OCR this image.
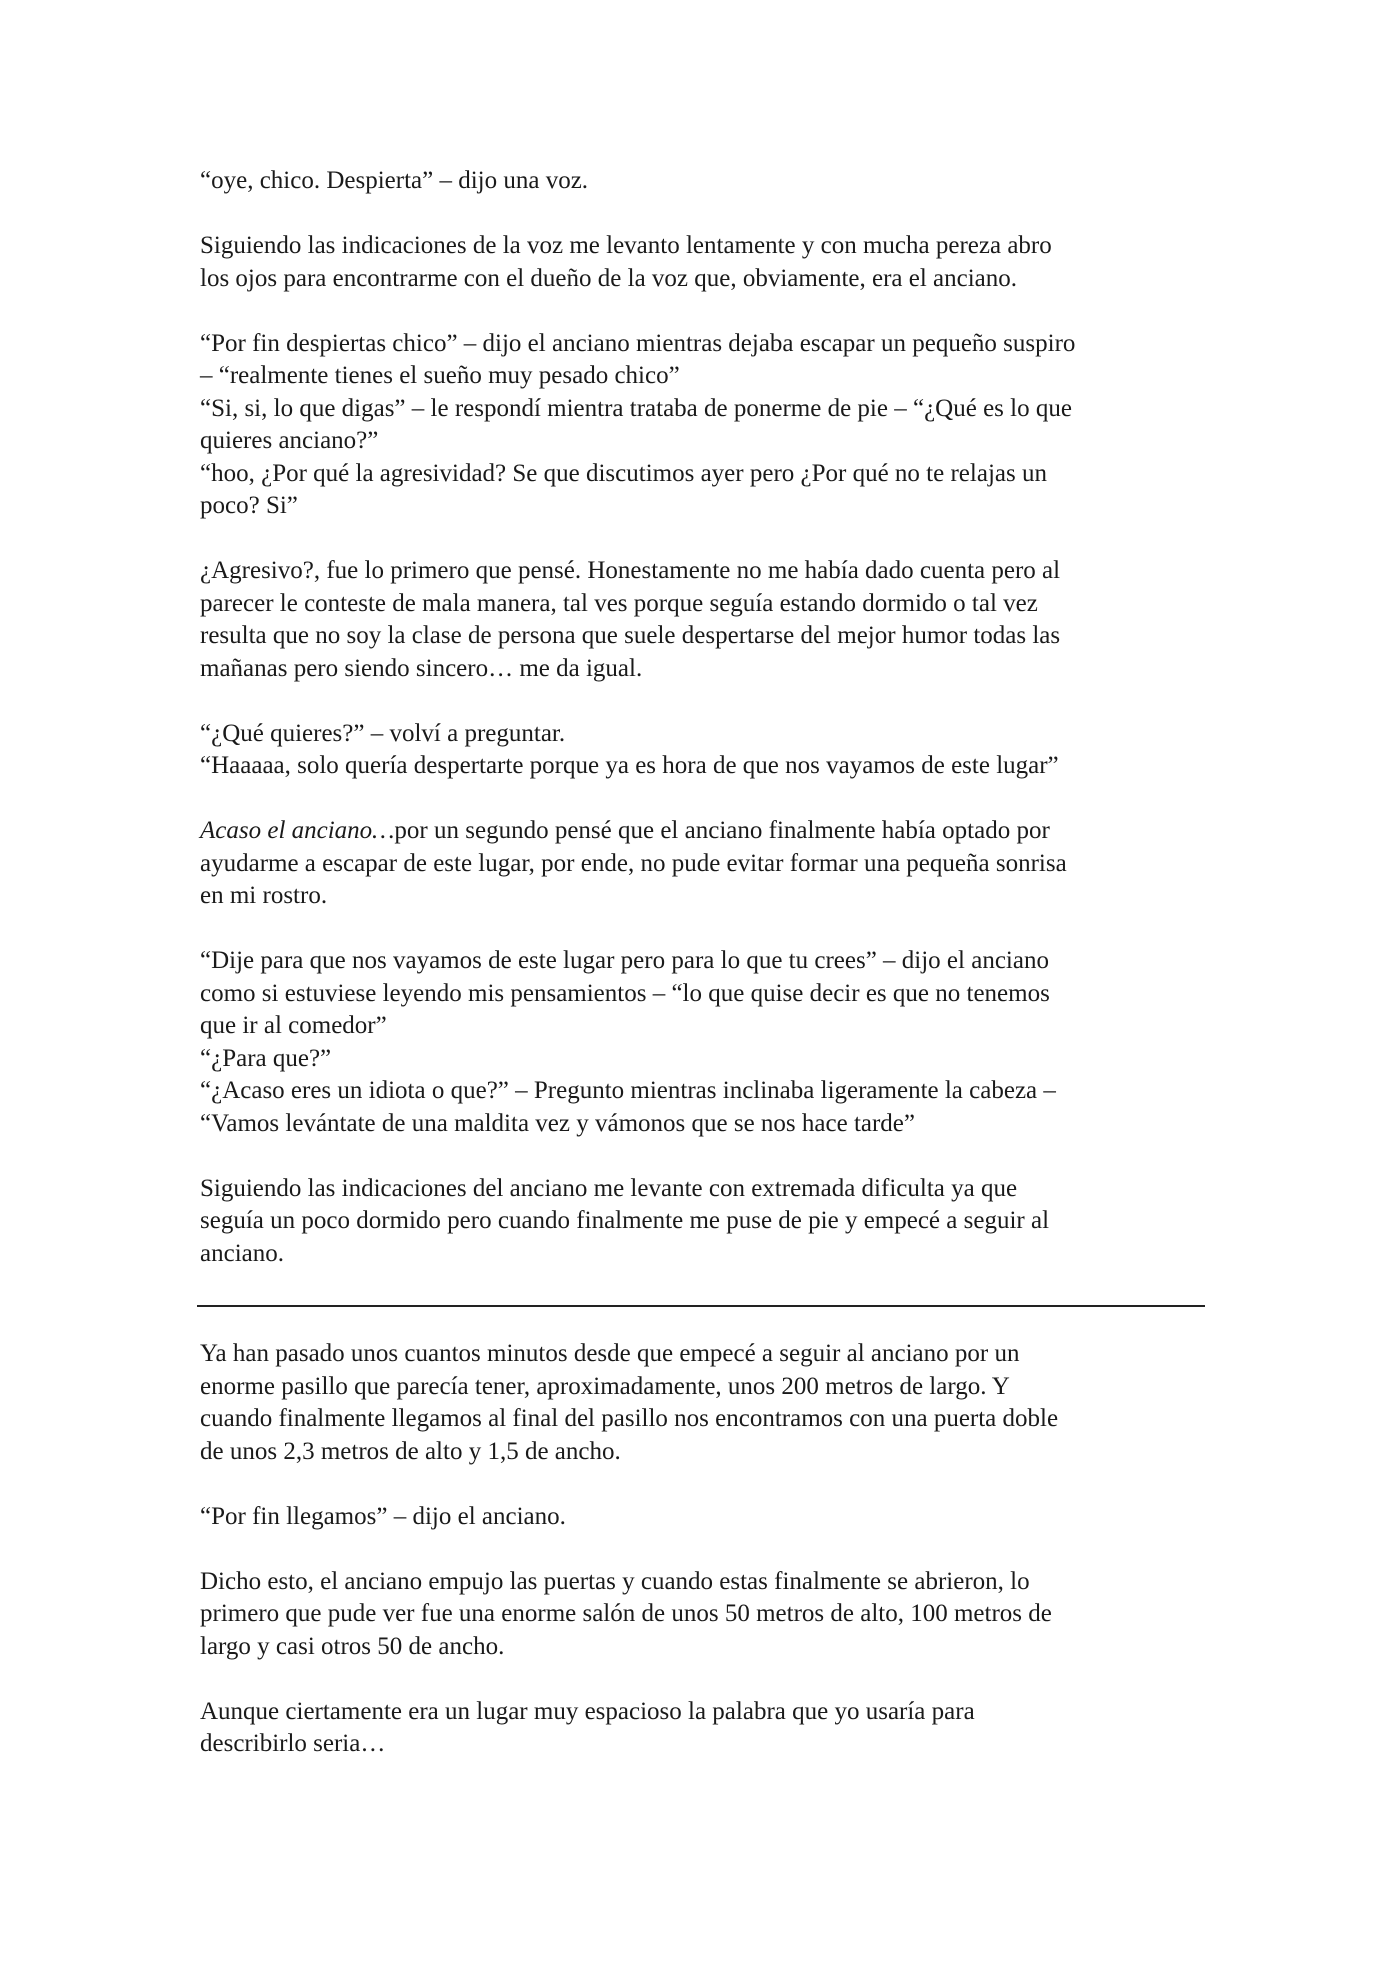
“oye, chico. Despierta” – dijo una voz.
Siguiendo las indicaciones de la voz me levanto lentamente y con mucha pereza abro
los ojos para encontrarme con el dueño de la voz que, obviamente, era el anciano.
“Por fin despiertas chico” – dijo el anciano mientras dejaba escapar un pequeño suspiro
– “realmente tienes el sueño muy pesado chico”
“Si, si, lo que digas” – le respondí mientra trataba de ponerme de pie – “¿Qué es lo que
quieres anciano?”
“hoo, ¿Por qué la agresividad? Se que discutimos ayer pero ¿Por qué no te relajas un
poco? Si”
¿Agresivo?, fue lo primero que pensé. Honestamente no me había dado cuenta pero al
parecer le conteste de mala manera, tal ves porque seguía estando dormido o tal vez
resulta que no soy la clase de persona que suele despertarse del mejor humor todas las
mañanas pero siendo sincero… me da igual.
“¿Qué quieres?” – volví a preguntar.
“Haaaaa, solo quería despertarte porque ya es hora de que nos vayamos de este lugar”
Acaso el anciano…por un segundo pensé que el anciano finalmente había optado por
ayudarme a escapar de este lugar, por ende, no pude evitar formar una pequeña sonrisa
en mi rostro.
“Dije para que nos vayamos de este lugar pero para lo que tu crees” – dijo el anciano
como si estuviese leyendo mis pensamientos – “lo que quise decir es que no tenemos
que ir al comedor”
“¿Para que?”
“¿Acaso eres un idiota o que?” – Pregunto mientras inclinaba ligeramente la cabeza –
“Vamos levántate de una maldita vez y vámonos que se nos hace tarde”
Siguiendo las indicaciones del anciano me levante con extremada dificulta ya que
seguía un poco dormido pero cuando finalmente me puse de pie y empecé a seguir al
anciano.
Ya han pasado unos cuantos minutos desde que empecé a seguir al anciano por un
enorme pasillo que parecía tener, aproximadamente, unos 200 metros de largo. Y
cuando finalmente llegamos al final del pasillo nos encontramos con una puerta doble
de unos 2,3 metros de alto y 1,5 de ancho.
“Por fin llegamos” – dijo el anciano.
Dicho esto, el anciano empujo las puertas y cuando estas finalmente se abrieron, lo
primero que pude ver fue una enorme salón de unos 50 metros de alto, 100 metros de
largo y casi otros 50 de ancho.
Aunque ciertamente era un lugar muy espacioso la palabra que yo usaría para
describirlo seria…
